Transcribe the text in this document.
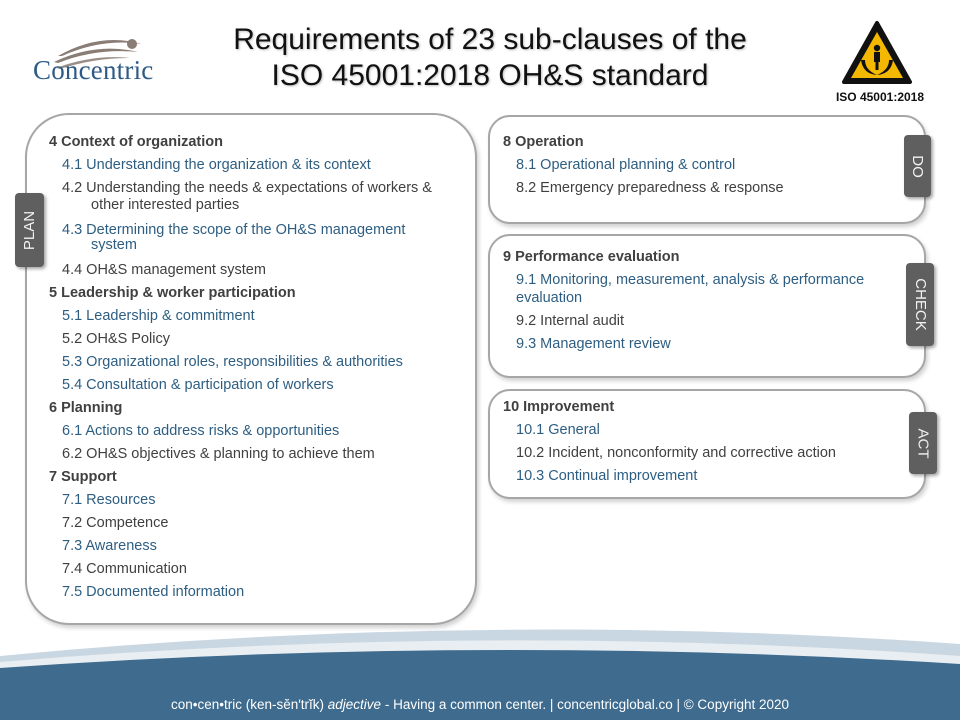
Concentric
Requirements of 23 sub-clauses of the
ISO 45001:2018 OH&S standard
ISO 45001:2018
4 Context of organization
4.1 Understanding the organization & its context
4.2 Understanding the needs & expectations of workers &
other interested parties
4.3 Determining the scope of the OH&S management
system
4.4 OH&S management system
5 Leadership & worker participation
5.1 Leadership & commitment
5.2 OH&S Policy
5.3 Organizational roles, responsibilities & authorities
5.4 Consultation & participation of workers
6 Planning
6.1 Actions to address risks & opportunities
6.2 OH&S objectives & planning to achieve them
7 Support
7.1 Resources
7.2 Competence
7.3 Awareness
7.4 Communication
7.5 Documented information
PLAN
8 Operation
8.1 Operational planning & control
8.2 Emergency preparedness & response
DO
9 Performance evaluation
9.1 Monitoring, measurement, analysis & performance
evaluation
9.2 Internal audit
9.3 Management review
CHECK
10 Improvement
10.1 General
10.2 Incident, nonconformity and corrective action
10.3 Continual improvement
ACT
con•cen•tric (ken-sĕn′trĭk) adjective - Having a common center. | concentricglobal.co | © Copyright 2020
